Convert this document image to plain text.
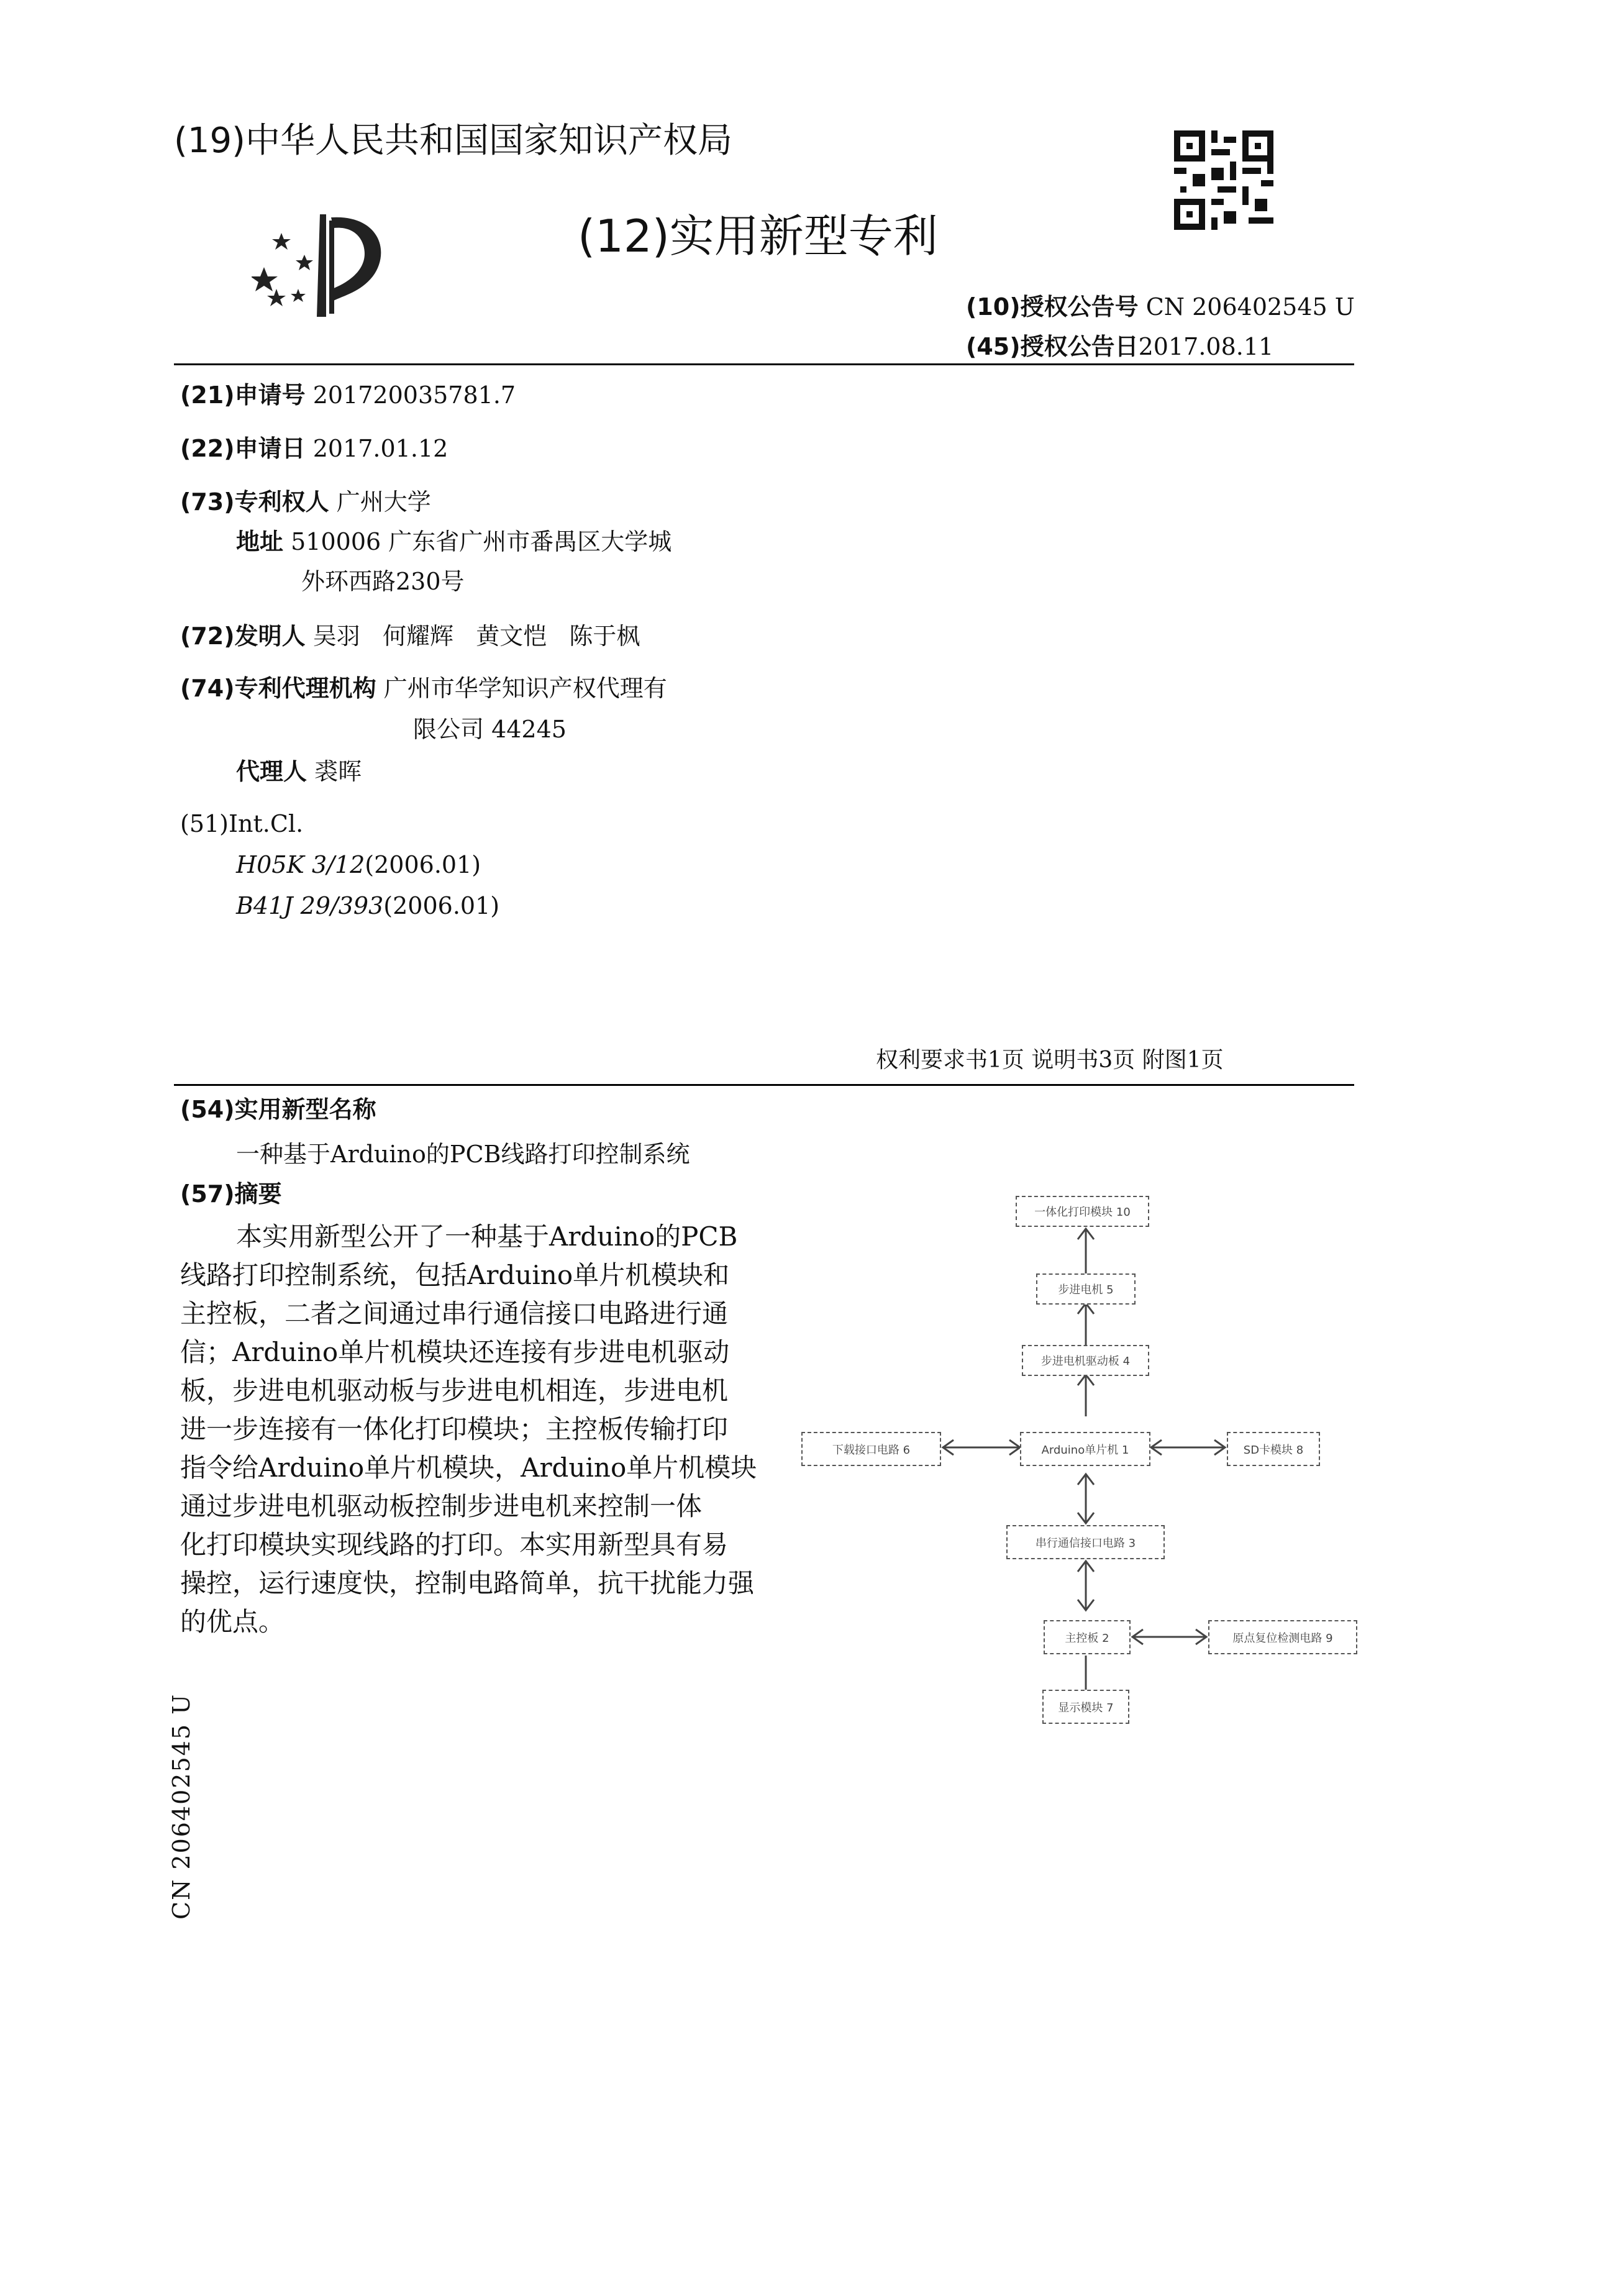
(19)中华人民共和国国家知识产权局
(12)实用新型专利
(10)授权公告号 CN 206402545 U
(45)授权公告日2017.08.11
(21)申请号 201720035781.7
(22)申请日 2017.01.12
(73)专利权人 广州大学
地址 510006 广东省广州市番禺区大学城
外环西路230号
(72)发明人 吴羽   何耀辉   黄文恺   陈于枫
(74)专利代理机构 广州市华学知识产权代理有
限公司 44245
代理人 裘晖
(51)Int.Cl.
H05K 3/12(2006.01)
B41J 29/393(2006.01)
权利要求书1页 说明书3页 附图1页
(54)实用新型名称
一种基于Arduino的PCB线路打印控制系统
(57)摘要
本实用新型公开了一种基于Arduino的PCB
线路打印控制系统，包括Arduino单片机模块和
主控板，二者之间通过串行通信接口电路进行通
信；Arduino单片机模块还连接有步进电机驱动
板，步进电机驱动板与步进电机相连，步进电机
进一步连接有一体化打印模块；主控板传输打印
指令给Arduino单片机模块，Arduino单片机模块
通过步进电机驱动板控制步进电机来控制一体
化打印模块实现线路的打印。本实用新型具有易
操控，运行速度快，控制电路简单，抗干扰能力强
的优点。
一体化打印模块 10
步进电机 5
步进电机驱动板 4
Arduino单片机 1
下载接口电路 6	SD卡模块 8
串行通信接口电路 3
主控板 2	原点复位检测电路 9
显示模块 7
CN 206402545 U
